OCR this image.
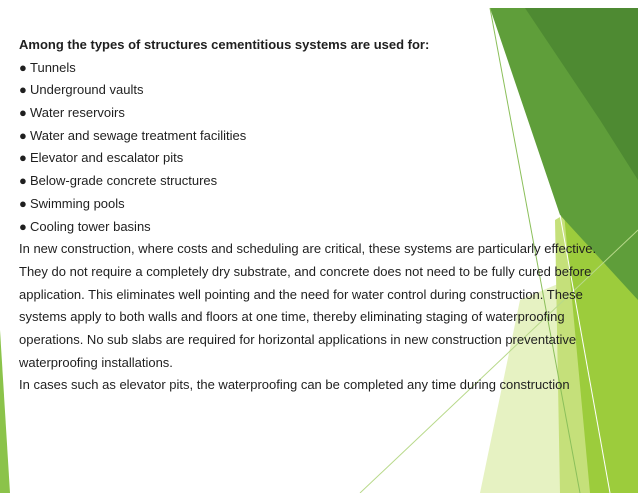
Among the types of structures cementitious systems are used for:
● Tunnels
● Underground vaults
● Water reservoirs
● Water and sewage treatment facilities
● Elevator and escalator pits
● Below-grade concrete structures
● Swimming pools
● Cooling tower basins
In new construction, where costs and scheduling are critical, these systems are particularly effective.
They do not require a completely dry substrate, and concrete does not need to be fully cured before
application. This eliminates well pointing and the need for water control during construction. These
systems apply to both walls and floors at one time, thereby eliminating staging of waterproofing
operations. No sub slabs are required for horizontal applications in new construction preventative
waterproofing installations.
In cases such as elevator pits, the waterproofing can be completed any time during construction
